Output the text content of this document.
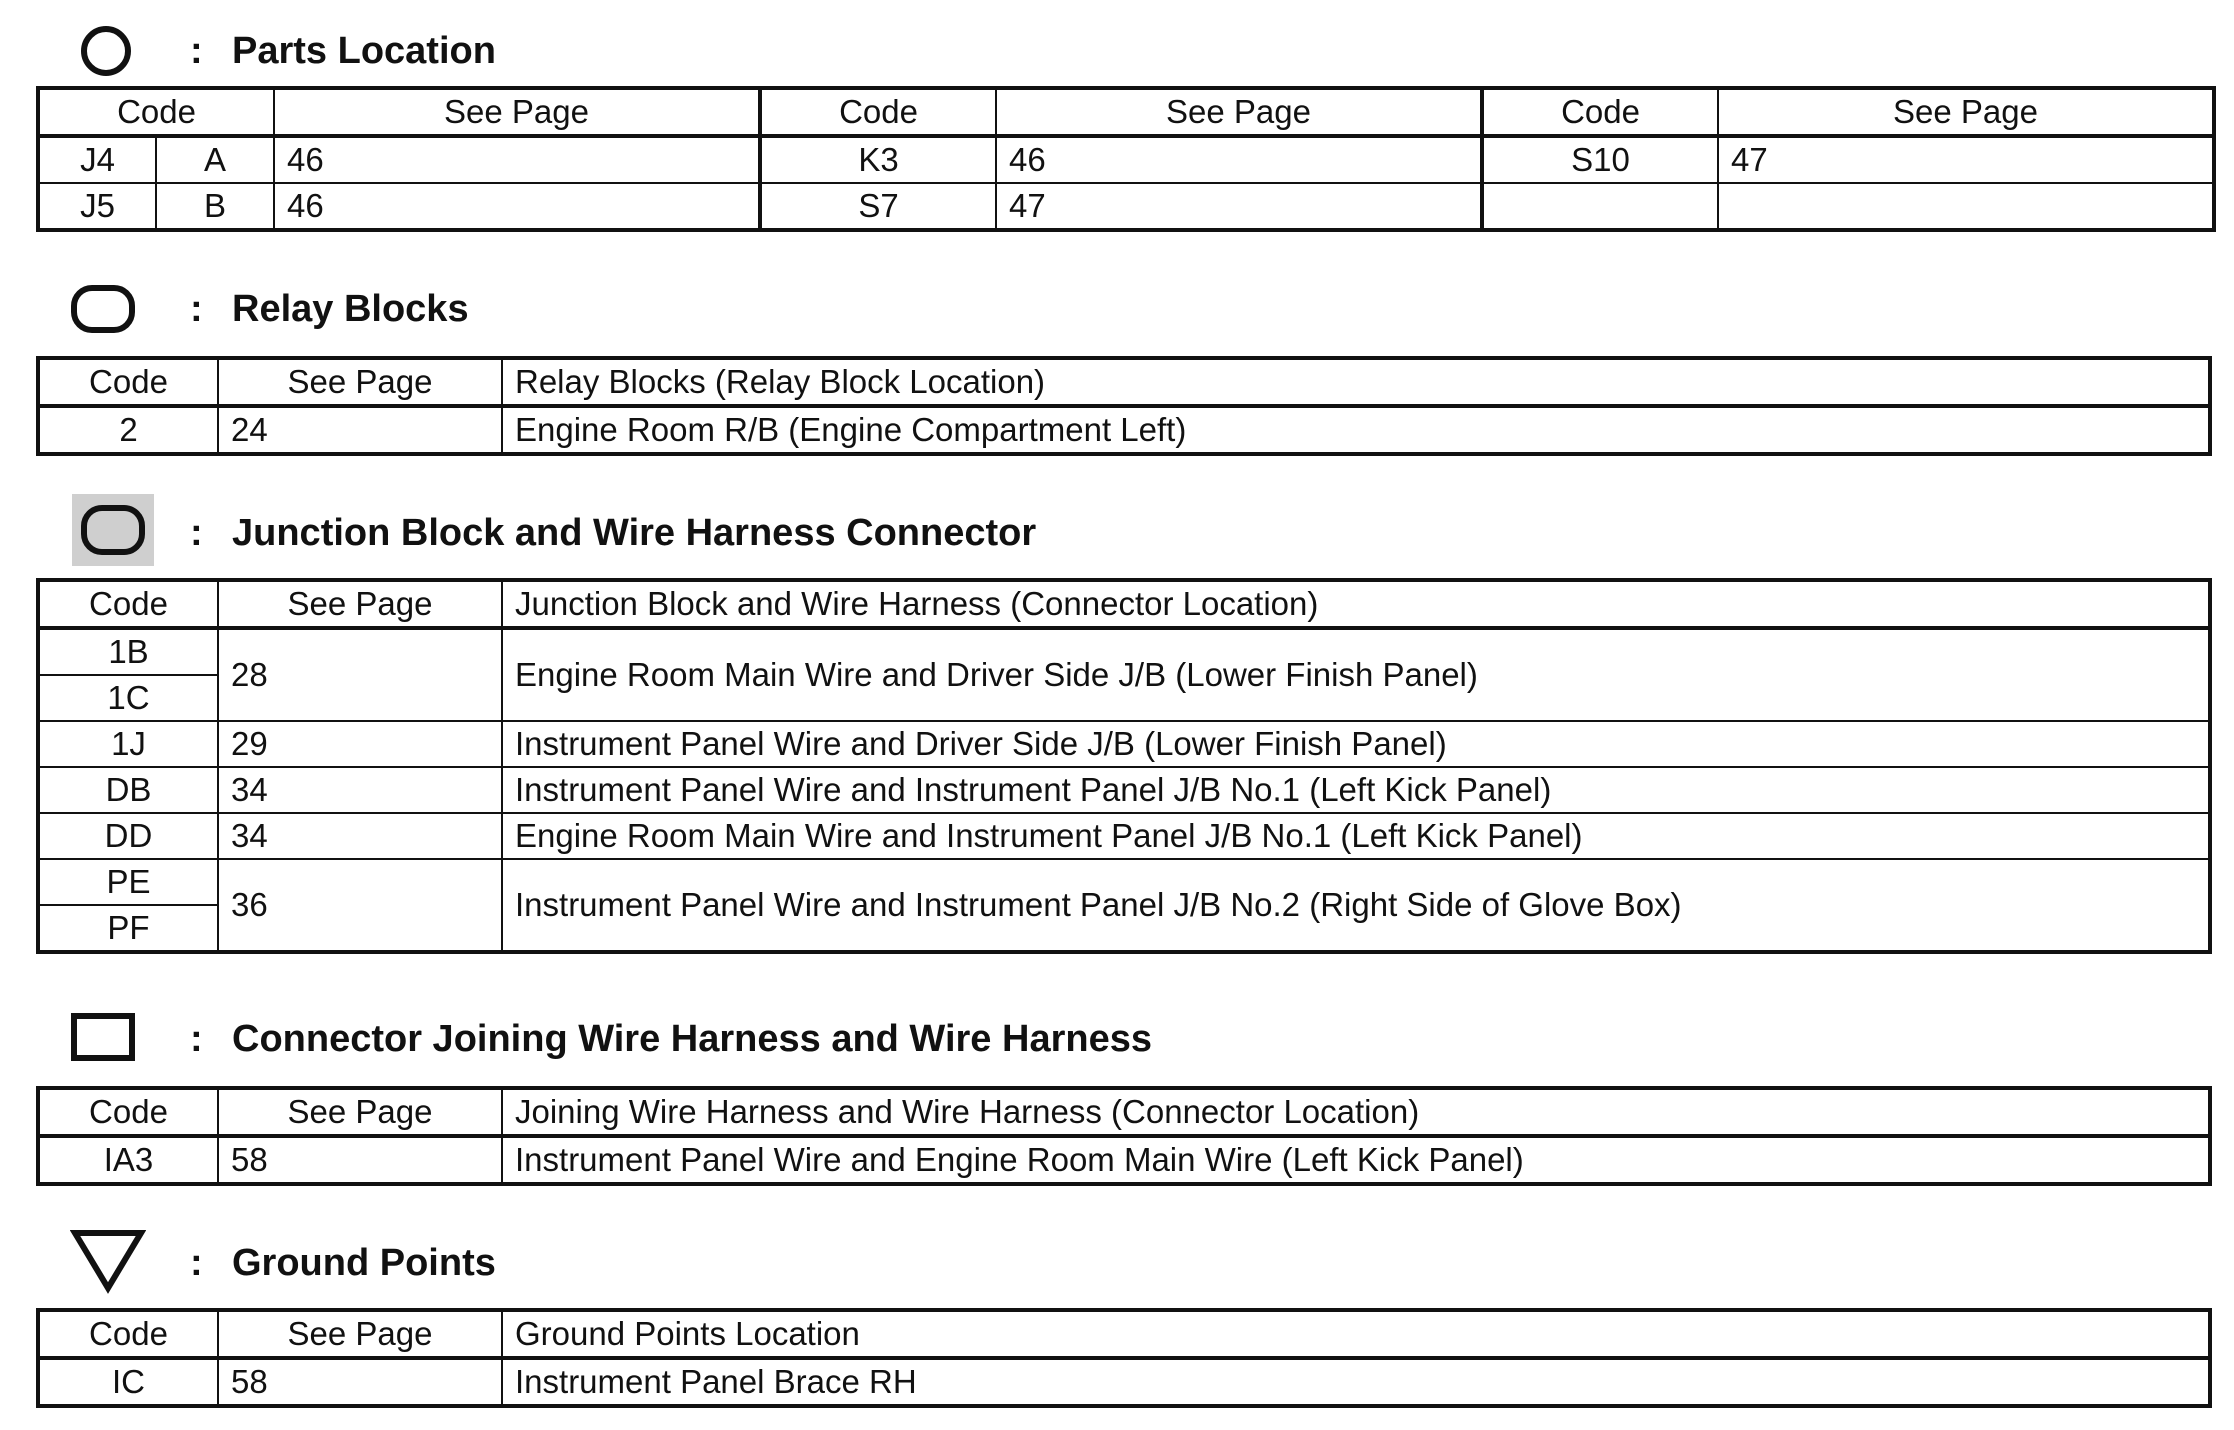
: Parts Location
Code		See Page	Code	See Page	Code	See Page
J4	A	46	K3	46	S10	47
J5	B	46	S7	47		
: Relay Blocks
Code	See Page	Relay Blocks (Relay Block Location)
2	24	Engine Room R/B (Engine Compartment Left)
: Junction Block and Wire Harness Connector
Code	See Page	Junction Block and Wire Harness (Connector Location)
1B	28	Engine Room Main Wire and Driver Side J/B (Lower Finish Panel)
1C		
1J	29	Instrument Panel Wire and Driver Side J/B (Lower Finish Panel)
DB	34	Instrument Panel Wire and Instrument Panel J/B No.1 (Left Kick Panel)
DD	34	Engine Room Main Wire and Instrument Panel J/B No.1 (Left Kick Panel)
PE	36	Instrument Panel Wire and Instrument Panel J/B No.2 (Right Side of Glove Box)
PF		
: Connector Joining Wire Harness and Wire Harness
Code	See Page	Joining Wire Harness and Wire Harness (Connector Location)
IA3	58	Instrument Panel Wire and Engine Room Main Wire (Left Kick Panel)
: Ground Points
Code	See Page	Ground Points Location
IC	58	Instrument Panel Brace RH
